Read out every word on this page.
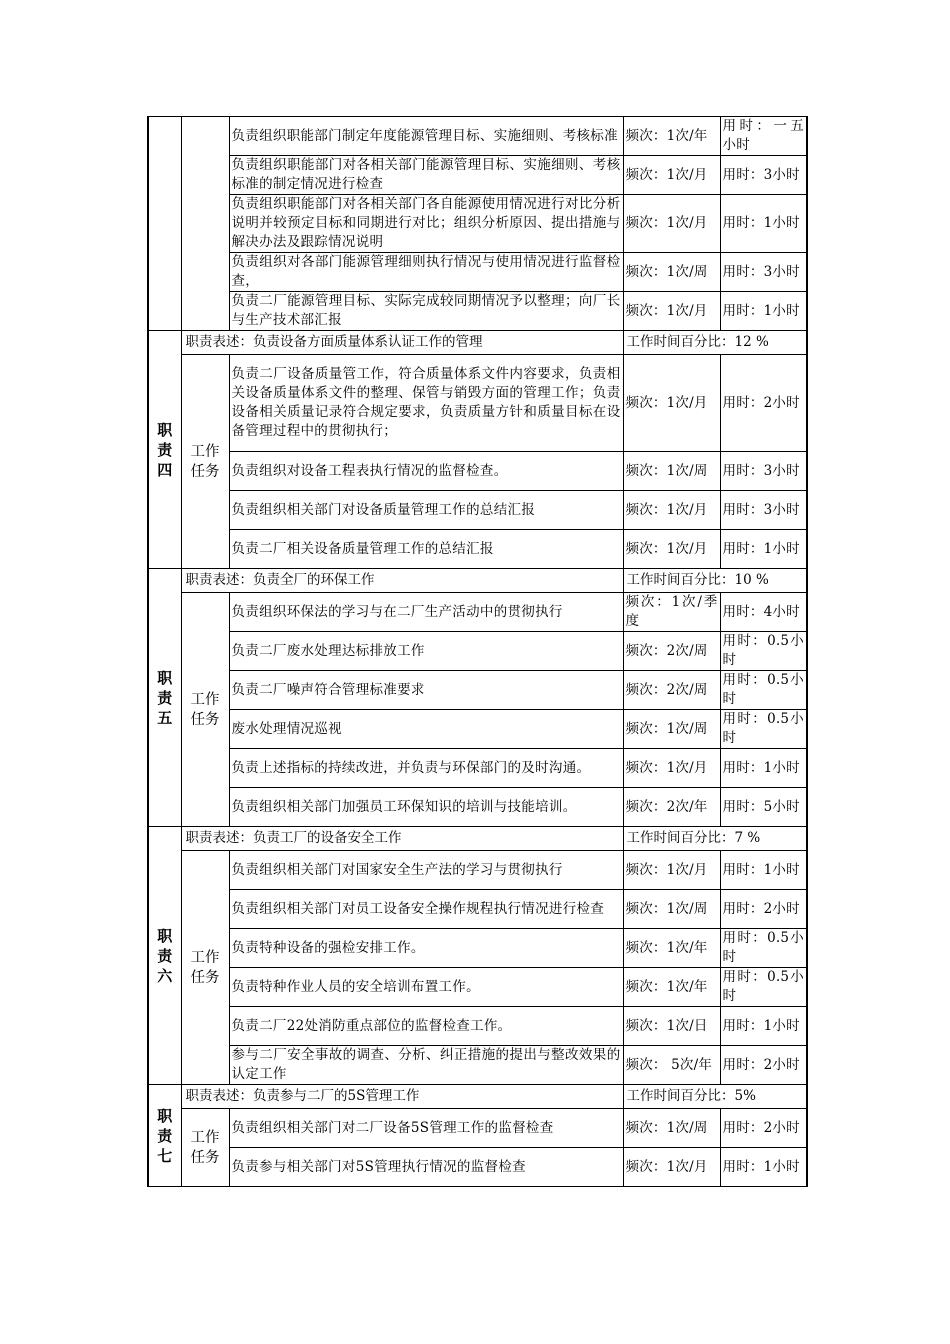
	负责组织职能部门制定年度能源管理目标、实施细则、考核标准	频次：1次/年	用时：一五小时
		负责组织职能部门对各相关部门能源管理目标、实施细则、考核标准的制定情况进行检查	频次：1次/月	用时：3小时
		负责组织职能部门对各相关部门各自能源使用情况进行对比分析说明并较预定目标和同期进行对比；组织分析原因、提出措施与解决办法及跟踪情况说明	频次：1次/月	用时：1小时
		负责组织对各部门能源管理细则执行情况与使用情况进行监督检查，	频次：1次/周	用时：3小时
		负责二厂能源管理目标、实际完成较同期情况予以整理；向厂长与生产技术部汇报	频次：1次/月	用时：1小时

职责四	职责表述：负责设备方面质量体系认证工作的管理		工作时间百分比：12 %	

	工作任务	负责二厂设备质量管工作，符合质量体系文件内容要求，负责相关设备质量体系文件的整理、保管与销毁方面的管理工作；负责设备相关质量记录符合规定要求，负责质量方针和质量目标在设备管理过程中的贯彻执行；	频次：1次/月	用时：2小时
		负责组织对设备工程表执行情况的监督检查。	频次：1次/周	用时：3小时
		负责组织相关部门对设备质量管理工作的总结汇报	频次：1次/月	用时：3小时
		负责二厂相关设备质量管理工作的总结汇报	频次：1次/月	用时：1小时

职责五	职责表述：负责全厂的环保工作		工作时间百分比：10 %	

	工作任务	负责组织环保法的学习与在二厂生产活动中的贯彻执行	频次：1次/季度	用时：4小时
		负责二厂废水处理达标排放工作	频次：2次/周	用时：0.5小时
		负责二厂噪声符合管理标准要求	频次：2次/周	用时：0.5小时
		废水处理情况巡视	频次：1次/周	用时：0.5小时
		负责上述指标的持续改进，并负责与环保部门的及时沟通。	频次：1次/月	用时：1小时
		负责组织相关部门加强员工环保知识的培训与技能培训。	频次：2次/年	用时：5小时

职责六	职责表述：负责工厂的设备安全工作		工作时间百分比：7 %	

	工作任务	负责组织相关部门对国家安全生产法的学习与贯彻执行	频次：1次/月	用时：1小时
		负责组织相关部门对员工设备安全操作规程执行情况进行检查	频次：1次/周	用时：2小时
		负责特种设备的强检安排工作。	频次：1次/年	用时：0.5小时
		负责特种作业人员的安全培训布置工作。	频次：1次/年	用时：0.5小时
		负责二厂22处消防重点部位的监督检查工作。	频次：1次/日	用时：1小时
		参与二厂安全事故的调查、分析、纠正措施的提出与整改效果的认定工作	频次： 5次/年	用时：2小时

职责七	职责表述：负责参与二厂的5S管理工作		工作时间百分比：5%	

	工作任务	负责组织相关部门对二厂设备5S管理工作的监督检查	频次：1次/周	用时：2小时
		负责参与相关部门对5S管理执行情况的监督检查	频次：1次/月	用时：1小时
